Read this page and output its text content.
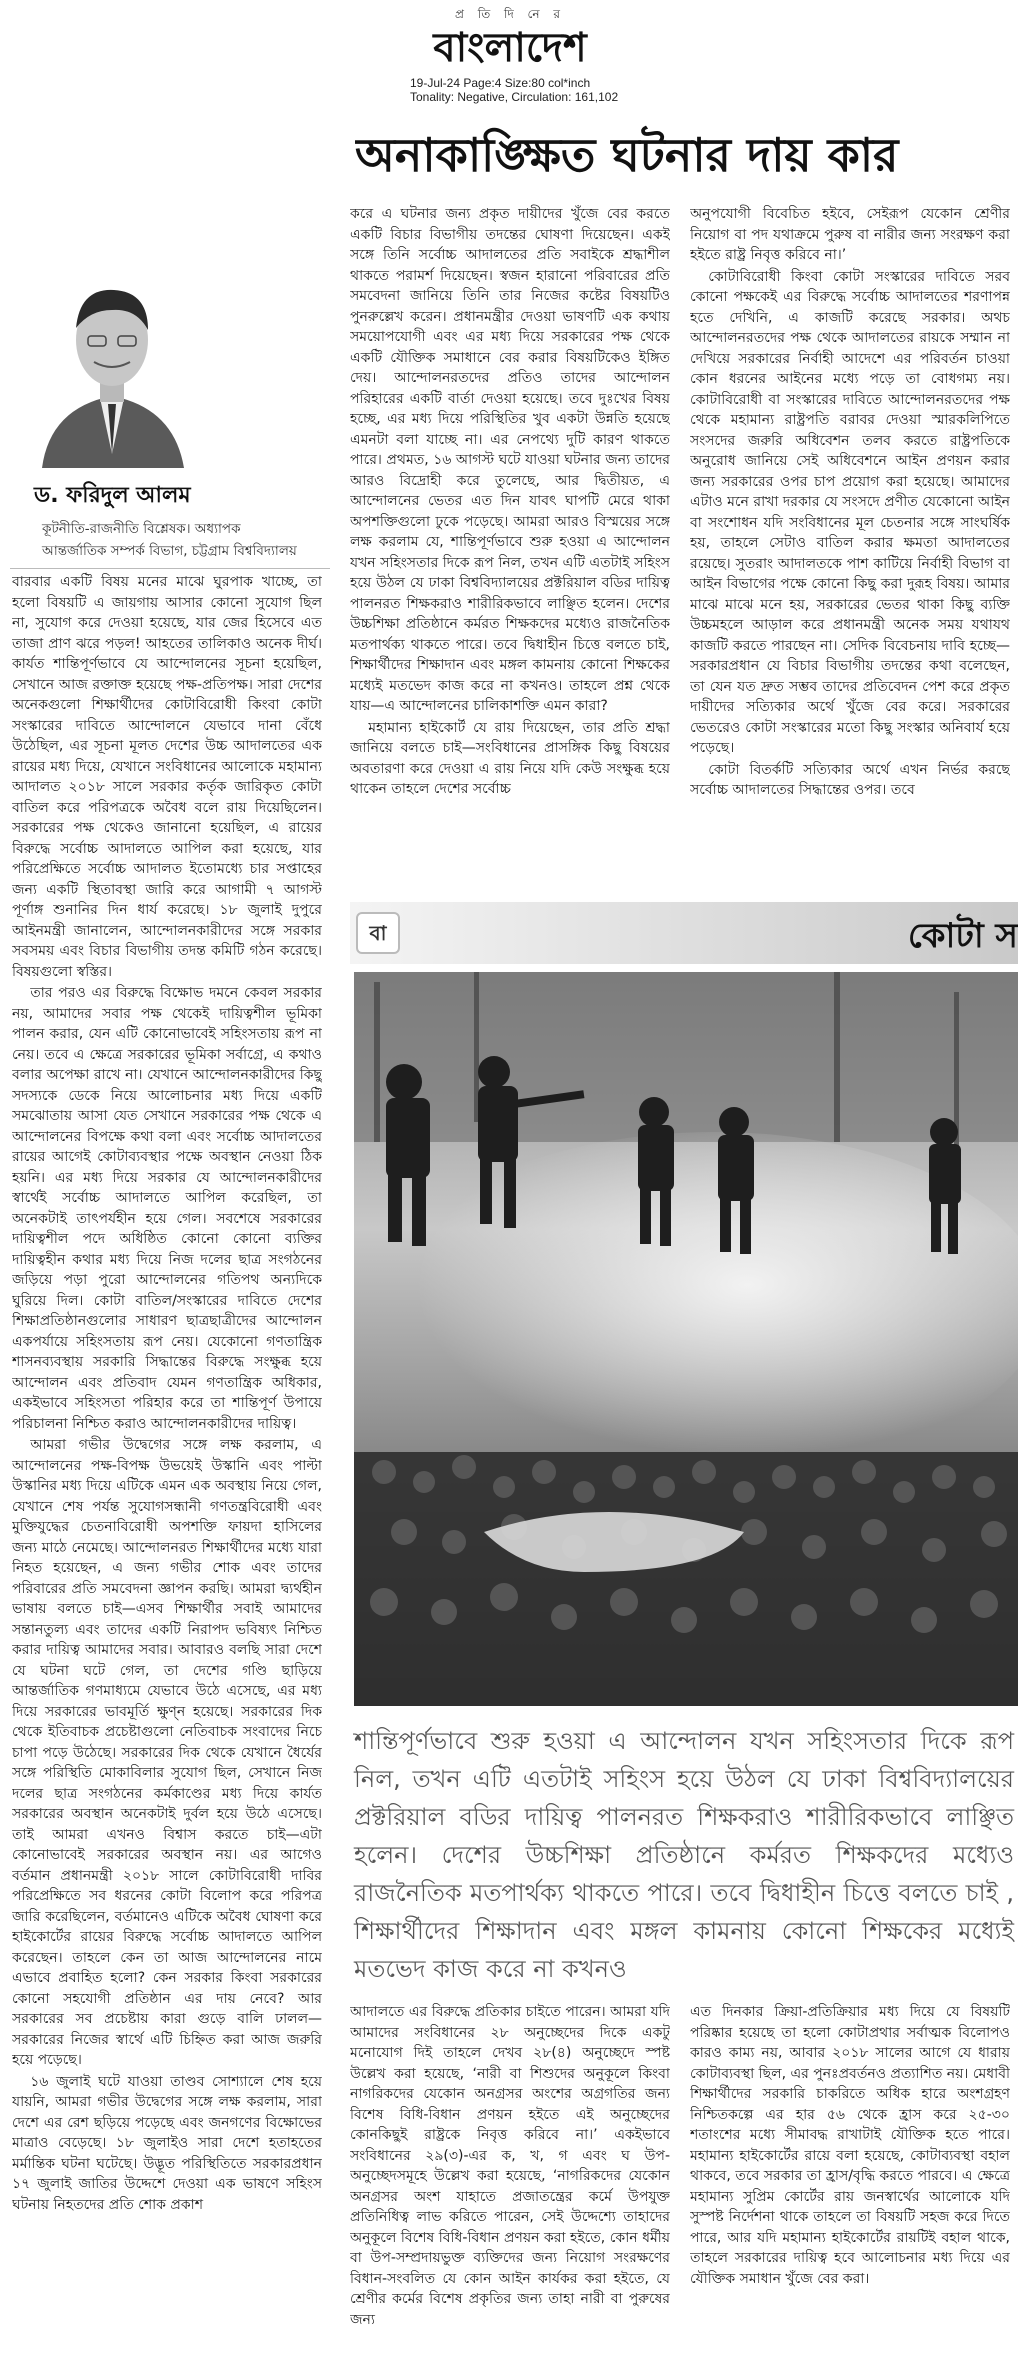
প্র তি দি নে র
বাংলাদেশ
19-Jul-24 Page:4 Size:80 col*inch
Tonality: Negative, Circulation: 161,102
অনাকাঙ্ক্ষিত ঘটনার দায় কার
ড. ফরিদুল আলম
কূটনীতি-রাজনীতি বিশ্লেষক। অধ্যাপক
আন্তর্জাতিক সম্পর্ক বিভাগ, চট্টগ্রাম বিশ্ববিদ্যালয়

বারবার একটি বিষয় মনের মাঝে ঘুরপাক খাচ্ছে, তা হলো বিষয়টি এ জায়গায় আসার কোনো সুযোগ ছিল না, সুযোগ করে দেওয়া হয়েছে, যার জের হিসেবে এত তাজা প্রাণ ঝরে পড়ল! আহতের তালিকাও অনেক দীর্ঘ। কার্যত শান্তিপূর্ণভাবে যে আন্দোলনের সূচনা হয়েছিল, সেখানে আজ রক্তাক্ত হয়েছে পক্ষ-প্রতিপক্ষ। সারা দেশের অনেকগুলো শিক্ষার্থীদের কোটাবিরোধী কিংবা কোটা সংস্কারের দাবিতে আন্দোলনে যেভাবে দানা বেঁধে উঠেছিল, এর সূচনা মূলত দেশের উচ্চ আদালতের এক রায়ের মধ্য দিয়ে, যেখানে সংবিধানের আলোকে মহামান্য আদালত ২০১৮ সালে সরকার কর্তৃক জারিকৃত কোটা বাতিল করে পরিপত্রকে অবৈধ বলে রায় দিয়েছিলেন। সরকারের পক্ষ থেকেও জানানো হয়েছিল, এ রায়ের বিরুদ্ধে সর্বোচ্চ আদালতে আপিল করা হয়েছে, যার পরিপ্রেক্ষিতে সর্বোচ্চ আদালত ইতোমধ্যে চার সপ্তাহের জন্য একটি স্থিতাবস্থা জারি করে আগামী ৭ আগস্ট পূর্ণাঙ্গ শুনানির দিন ধার্য করেছে। ১৮ জুলাই দুপুরে আইনমন্ত্রী জানালেন, আন্দোলনকারীদের সঙ্গে সরকার সবসময় এবং বিচার বিভাগীয় তদন্ত কমিটি গঠন করেছে। বিষয়গুলো স্বস্তির।

তার পরও এর বিরুদ্ধে বিক্ষোভ দমনে কেবল সরকার নয়, আমাদের সবার পক্ষ থেকেই দায়িত্বশীল ভূমিকা পালন করার, যেন এটি কোনোভাবেই সহিংসতায় রূপ না নেয়। তবে এ ক্ষেত্রে সরকারের ভূমিকা সর্বাগ্রে, এ কথাও বলার অপেক্ষা রাখে না। যেখানে আন্দোলনকারীদের কিছু সদস্যকে ডেকে নিয়ে আলোচনার মধ্য দিয়ে একটি সমঝোতায় আসা যেত সেখানে সরকারের পক্ষ থেকে এ আন্দোলনের বিপক্ষে কথা বলা এবং সর্বোচ্চ আদালতের রায়ের আগেই কোটাব্যবস্থার পক্ষে অবস্থান নেওয়া ঠিক হয়নি। এর মধ্য দিয়ে সরকার যে আন্দোলনকারীদের স্বার্থেই সর্বোচ্চ আদালতে আপিল করেছিল, তা অনেকটাই তাৎপর্যহীন হয়ে গেল। সবশেষে সরকারের দায়িত্বশীল পদে অধিষ্ঠিত কোনো কোনো ব্যক্তির দায়িত্বহীন কথার মধ্য দিয়ে নিজ দলের ছাত্র সংগঠনের জড়িয়ে পড়া পুরো আন্দোলনের গতিপথ অন্যদিকে ঘুরিয়ে দিল। কোটা বাতিল/সংস্কারের দাবিতে দেশের শিক্ষাপ্রতিষ্ঠানগুলোর সাধারণ ছাত্রছাত্রীদের আন্দোলন একপর্যায়ে সহিংসতায় রূপ নেয়। যেকোনো গণতান্ত্রিক শাসনব্যবস্থায় সরকারি সিদ্ধান্তের বিরুদ্ধে সংক্ষুব্ধ হয়ে আন্দোলন এবং প্রতিবাদ যেমন গণতান্ত্রিক অধিকার, একইভাবে সহিংসতা পরিহার করে তা শান্তিপূর্ণ উপায়ে পরিচালনা নিশ্চিত করাও আন্দোলনকারীদের দায়িত্ব।

আমরা গভীর উদ্বেগের সঙ্গে লক্ষ করলাম, এ আন্দোলনের পক্ষ-বিপক্ষ উভয়েই উস্কানি এবং পাল্টা উস্কানির মধ্য দিয়ে এটিকে এমন এক অবস্থায় নিয়ে গেল, যেখানে শেষ পর্যন্ত সুযোগসন্ধানী গণতন্ত্রবিরোধী এবং মুক্তিযুদ্ধের চেতনাবিরোধী অপশক্তি ফায়দা হাসিলের জন্য মাঠে নেমেছে। আন্দোলনরত শিক্ষার্থীদের মধ্যে যারা নিহত হয়েছেন, এ জন্য গভীর শোক এবং তাদের পরিবারের প্রতি সমবেদনা জ্ঞাপন করছি। আমরা দ্ব্যর্থহীন ভাষায় বলতে চাই—এসব শিক্ষার্থীর সবাই আমাদের সন্তানতুল্য এবং তাদের একটি নিরাপদ ভবিষ্যৎ নিশ্চিত করার দায়িত্ব আমাদের সবার। আবারও বলছি সারা দেশে যে ঘটনা ঘটে গেল, তা দেশের গণ্ডি ছাড়িয়ে আন্তর্জাতিক গণমাধ্যমে যেভাবে উঠে এসেছে, এর মধ্য দিয়ে সরকারের ভাবমূর্তি ক্ষুণ্ন হয়েছে। সরকারের দিক থেকে ইতিবাচক প্রচেষ্টাগুলো নেতিবাচক সংবাদের নিচে চাপা পড়ে উঠেছে। সরকারের দিক থেকে যেখানে ধৈর্যের সঙ্গে পরিস্থিতি মোকাবিলার সুযোগ ছিল, সেখানে নিজ দলের ছাত্র সংগঠনের কর্মকাণ্ডের মধ্য দিয়ে কার্যত সরকারের অবস্থান অনেকটাই দুর্বল হয়ে উঠে এসেছে। তাই আমরা এখনও বিশ্বাস করতে চাই—এটা কোনোভাবেই সরকারের অবস্থান নয়। এর আগেও বর্তমান প্রধানমন্ত্রী ২০১৮ সালে কোটাবিরোধী দাবির পরিপ্রেক্ষিতে সব ধরনের কোটা বিলোপ করে পরিপত্র জারি করেছিলেন, বর্তমানেও এটিকে অবৈধ ঘোষণা করে হাইকোর্টের রায়ের বিরুদ্ধে সর্বোচ্চ আদালতে আপিল করেছেন। তাহলে কেন তা আজ আন্দোলনের নামে এভাবে প্রবাহিত হলো? কেন সরকার কিংবা সরকারের কোনো সহযোগী প্রতিষ্ঠান এর দায় নেবে? আর সরকারের সব প্রচেষ্টায় কারা গুড়ে বালি ঢালল—সরকারের নিজের স্বার্থে এটি চিহ্নিত করা আজ জরুরি হয়ে পড়েছে।

১৬ জুলাই ঘটে যাওয়া তাণ্ডব সোশ্যালে শেষ হয়ে যায়নি, আমরা গভীর উদ্বেগের সঙ্গে লক্ষ করলাম, সারা দেশে এর রেশ ছড়িয়ে পড়েছে এবং জনগণের বিক্ষোভের মাত্রাও বেড়েছে। ১৮ জুলাইও সারা দেশে হতাহতের মর্মান্তিক ঘটনা ঘটেছে। উদ্ভূত পরিস্থিতিতে সরকারপ্রধান ১৭ জুলাই জাতির উদ্দেশে দেওয়া এক ভাষণে সহিংস ঘটনায় নিহতদের প্রতি শোক প্রকাশ

করে এ ঘটনার জন্য প্রকৃত দায়ীদের খুঁজে বের করতে একটি বিচার বিভাগীয় তদন্তের ঘোষণা দিয়েছেন। একই সঙ্গে তিনি সর্বোচ্চ আদালতের প্রতি সবাইকে শ্রদ্ধাশীল থাকতে পরামর্শ দিয়েছেন। স্বজন হারানো পরিবারের প্রতি সমবেদনা জানিয়ে তিনি তার নিজের কষ্টের বিষয়টিও পুনরুল্লেখ করেন। প্রধানমন্ত্রীর দেওয়া ভাষণটি এক কথায় সময়োপযোগী এবং এর মধ্য দিয়ে সরকারের পক্ষ থেকে একটি যৌক্তিক সমাধানে বের করার বিষয়টিকেও ইঙ্গিত দেয়। আন্দোলনরতদের প্রতিও তাদের আন্দোলন পরিহারের একটি বার্তা দেওয়া হয়েছে। তবে দুঃখের বিষয় হচ্ছে, এর মধ্য দিয়ে পরিস্থিতির খুব একটা উন্নতি হয়েছে এমনটা বলা যাচ্ছে না। এর নেপথ্যে দুটি কারণ থাকতে পারে। প্রথমত, ১৬ আগস্ট ঘটে যাওয়া ঘটনার জন্য তাদের আরও বিদ্রোহী করে তুলেছে, আর দ্বিতীয়ত, এ আন্দোলনের ভেতর এত দিন যাবৎ ঘাপটি মেরে থাকা অপশক্তিগুলো ঢুকে পড়েছে। আমরা আরও বিস্ময়ের সঙ্গে লক্ষ করলাম যে, শান্তিপূর্ণভাবে শুরু হওয়া এ আন্দোলন যখন সহিংসতার দিকে রূপ নিল, তখন এটি এতটাই সহিংস হয়ে উঠল যে ঢাকা বিশ্ববিদ্যালয়ের প্রক্টরিয়াল বডির দায়িত্ব পালনরত শিক্ষকরাও শারীরিকভাবে লাঞ্ছিত হলেন। দেশের উচ্চশিক্ষা প্রতিষ্ঠানে কর্মরত শিক্ষকদের মধ্যেও রাজনৈতিক মতপার্থক্য থাকতে পারে। তবে দ্বিধাহীন চিত্তে বলতে চাই, শিক্ষার্থীদের শিক্ষাদান এবং মঙ্গল কামনায় কোনো শিক্ষকের মধ্যেই মতভেদ কাজ করে না কখনও। তাহলে প্রশ্ন থেকে যায়—এ আন্দোলনের চালিকাশক্তি এমন কারা?

মহামান্য হাইকোর্ট যে রায় দিয়েছেন, তার প্রতি শ্রদ্ধা জানিয়ে বলতে চাই—সংবিধানের প্রাসঙ্গিক কিছু বিষয়ের অবতারণা করে দেওয়া এ রায় নিয়ে যদি কেউ সংক্ষুব্ধ হয়ে থাকেন তাহলে দেশের সর্বোচ্চ

অনুপযোগী বিবেচিত হইবে, সেইরূপ যেকোন শ্রেণীর নিয়োগ বা পদ যথাক্রমে পুরুষ বা নারীর জন্য সংরক্ষণ করা হইতে রাষ্ট্র নিবৃত্ত করিবে না।’

কোটাবিরোধী কিংবা কোটা সংস্কারের দাবিতে সরব কোনো পক্ষকেই এর বিরুদ্ধে সর্বোচ্চ আদালতের শরণাপন্ন হতে দেখিনি, এ কাজটি করেছে সরকার। অথচ আন্দোলনরতদের পক্ষ থেকে আদালতের রায়কে সম্মান না দেখিয়ে সরকারের নির্বাহী আদেশে এর পরিবর্তন চাওয়া কোন ধরনের আইনের মধ্যে পড়ে তা বোধগম্য নয়। কোটাবিরোধী বা সংস্কারের দাবিতে আন্দোলনরতদের পক্ষ থেকে মহামান্য রাষ্ট্রপতি বরাবর দেওয়া স্মারকলিপিতে সংসদের জরুরি অধিবেশন তলব করতে রাষ্ট্রপতিকে অনুরোধ জানিয়ে সেই অধিবেশনে আইন প্রণয়ন করার জন্য সরকারের ওপর চাপ প্রয়োগ করা হয়েছে। আমাদের এটাও মনে রাখা দরকার যে সংসদে প্রণীত যেকোনো আইন বা সংশোধন যদি সংবিধানের মূল চেতনার সঙ্গে সাংঘর্ষিক হয়, তাহলে সেটাও বাতিল করার ক্ষমতা আদালতের রয়েছে। সুতরাং আদালতকে পাশ কাটিয়ে নির্বাহী বিভাগ বা আইন বিভাগের পক্ষে কোনো কিছু করা দুরূহ বিষয়। আমার মাঝে মাঝে মনে হয়, সরকারের ভেতর থাকা কিছু ব্যক্তি উচ্চমহলে আড়াল করে প্রধানমন্ত্রী অনেক সময় যথাযথ কাজটি করতে পারছেন না। সেদিক বিবেচনায় দাবি হচ্ছে—সরকারপ্রধান যে বিচার বিভাগীয় তদন্তের কথা বলেছেন, তা যেন যত দ্রুত সম্ভব তাদের প্রতিবেদন পেশ করে প্রকৃত দায়ীদের সত্যিকার অর্থে খুঁজে বের করে। সরকারের ভেতরেও কোটা সংস্কারের মতো কিছু সংস্কার অনিবার্য হয়ে পড়েছে।

কোটা বিতর্কটি সত্যিকার অর্থে এখন নির্ভর করছে সর্বোচ্চ আদালতের সিদ্ধান্তের ওপর। তবে

বা	কোটা স
শান্তিপূর্ণভাবে শুরু হওয়া এ আন্দোলন যখন সহিংসতার দিকে রূপ নিল, তখন এটি এতটাই সহিংস হয়ে উঠল যে ঢাকা বিশ্ববিদ্যালয়ের প্রক্টরিয়াল বডির দায়িত্ব পালনরত শিক্ষকরাও শারীরিকভাবে লাঞ্ছিত হলেন। দেশের উচ্চশিক্ষা প্রতিষ্ঠানে কর্মরত শিক্ষকদের মধ্যেও রাজনৈতিক মতপার্থক্য থাকতে পারে। তবে দ্বিধাহীন চিত্তে বলতে চাই , শিক্ষার্থীদের শিক্ষাদান এবং মঙ্গল কামনায় কোনো শিক্ষকের মধ্যেই মতভেদ কাজ করে না কখনও

আদালতে এর বিরুদ্ধে প্রতিকার চাইতে পারেন। আমরা যদি আমাদের সংবিধানের ২৮ অনুচ্ছেদের দিকে একটু মনোযোগ দিই তাহলে দেখব ২৮(৪) অনুচ্ছেদে স্পষ্ট উল্লেখ করা হয়েছে, ‘নারী বা শিশুদের অনুকূলে কিংবা নাগরিকদের যেকোন অনগ্রসর অংশের অগ্রগতির জন্য বিশেষ বিধি-বিধান প্রণয়ন হইতে এই অনুচ্ছেদের কোনকিছুই রাষ্ট্রকে নিবৃত্ত করিবে না।’ একইভাবে সংবিধানের ২৯(৩)-এর ক, খ, গ এবং ঘ উপ-অনুচ্ছেদসমূহে উল্লেখ করা হয়েছে, ‘নাগরিকদের যেকোন অনগ্রসর অংশ যাহাতে প্রজাতন্ত্রের কর্মে উপযুক্ত প্রতিনিধিত্ব লাভ করিতে পারেন, সেই উদ্দেশ্যে তাহাদের অনুকূলে বিশেষ বিধি-বিধান প্রণয়ন করা হইতে, কোন ধর্মীয় বা উপ-সম্প্রদায়ভুক্ত ব্যক্তিদের জন্য নিয়োগ সংরক্ষণের বিধান-সংবলিত যে কোন আইন কার্যকর করা হইতে, যে শ্রেণীর কর্মের বিশেষ প্রকৃতির জন্য তাহা নারী বা পুরুষের জন্য

এত দিনকার ক্রিয়া-প্রতিক্রিয়ার মধ্য দিয়ে যে বিষয়টি পরিষ্কার হয়েছে তা হলো কোটাপ্রথার সর্বাত্মক বিলোপও কারও কাম্য নয়, আবার ২০১৮ সালের আগে যে ধারায় কোটাব্যবস্থা ছিল, এর পুনঃপ্রবর্তনও প্রত্যাশিত নয়। মেধাবী শিক্ষার্থীদের সরকারি চাকরিতে অধিক হারে অংশগ্রহণ নিশ্চিতকল্পে এর হার ৫৬ থেকে হ্রাস করে ২৫-৩০ শতাংশের মধ্যে সীমাবদ্ধ রাখাটাই যৌক্তিক হতে পারে। মহামান্য হাইকোর্টের রায়ে বলা হয়েছে, কোটাব্যবস্থা বহাল থাকবে, তবে সরকার তা হ্রাস/বৃদ্ধি করতে পারবে। এ ক্ষেত্রে মহামান্য সুপ্রিম কোর্টের রায় জনস্বার্থের আলোকে যদি সুস্পষ্ট নির্দেশনা থাকে তাহলে তা বিষয়টি সহজ করে দিতে পারে, আর যদি মহামান্য হাইকোর্টের রায়টিই বহাল থাকে, তাহলে সরকারের দায়িত্ব হবে আলোচনার মধ্য দিয়ে এর যৌক্তিক সমাধান খুঁজে বের করা।
